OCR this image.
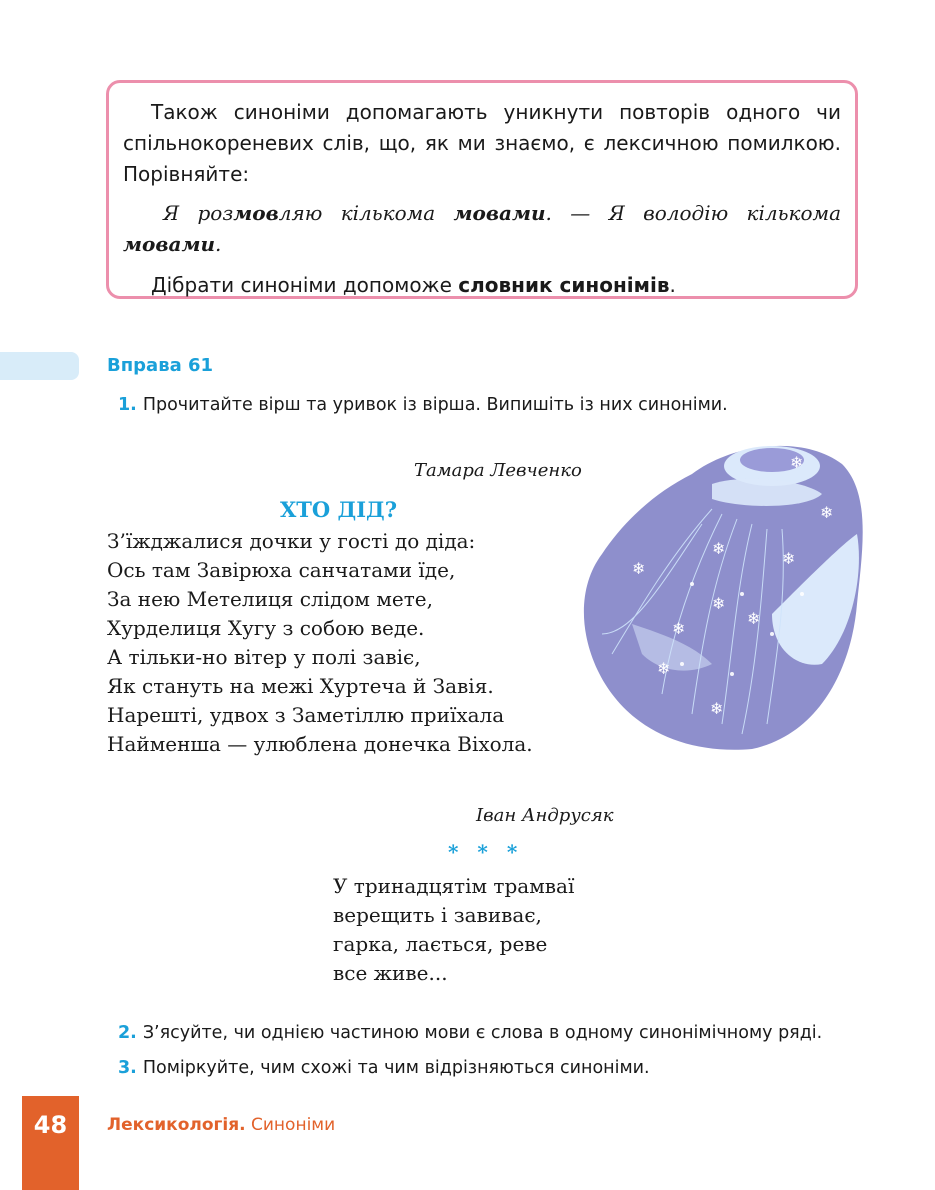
Також синоніми допомагають уникнути повторів одного чи спільнокореневих слів, що, як ми знаємо, є лексичною помилкою. Порівняйте:

Я розмовляю кількома мовами. — Я володію кількома мовами.

Дібрати синоніми допоможе словник синонімів.

Вправа 61
1. Прочитайте вірш та уривок із вірша. Випишіть із них синоніми.
Тамара Левченко
ХТО ДІД?
З’їжджалися дочки у гості до діда:
Ось там Завірюха санчатами їде,
За нею Метелиця слідом мете,
Хурделиця Хугу з собою веде.
А тільки-но вітер у полі завіє,
Як стануть на межі Хуртеча й Завія.
Нарешті, удвох з Заметіллю приїхала
Найменша — улюблена донечка Віхола.
❄
❄
❄
❄
❄
❄
❄
❄
❄
❄
Іван Андрусяк
* * *
У тринадцятім трамваї
верещить і завиває,
гарка, лається, реве
все живе...
2. З’ясуйте, чи однією частиною мови є слова в одному синонімічному ряді.
3. Поміркуйте, чим схожі та чим відрізняються синоніми.
48	Лексикологія. Синоніми
